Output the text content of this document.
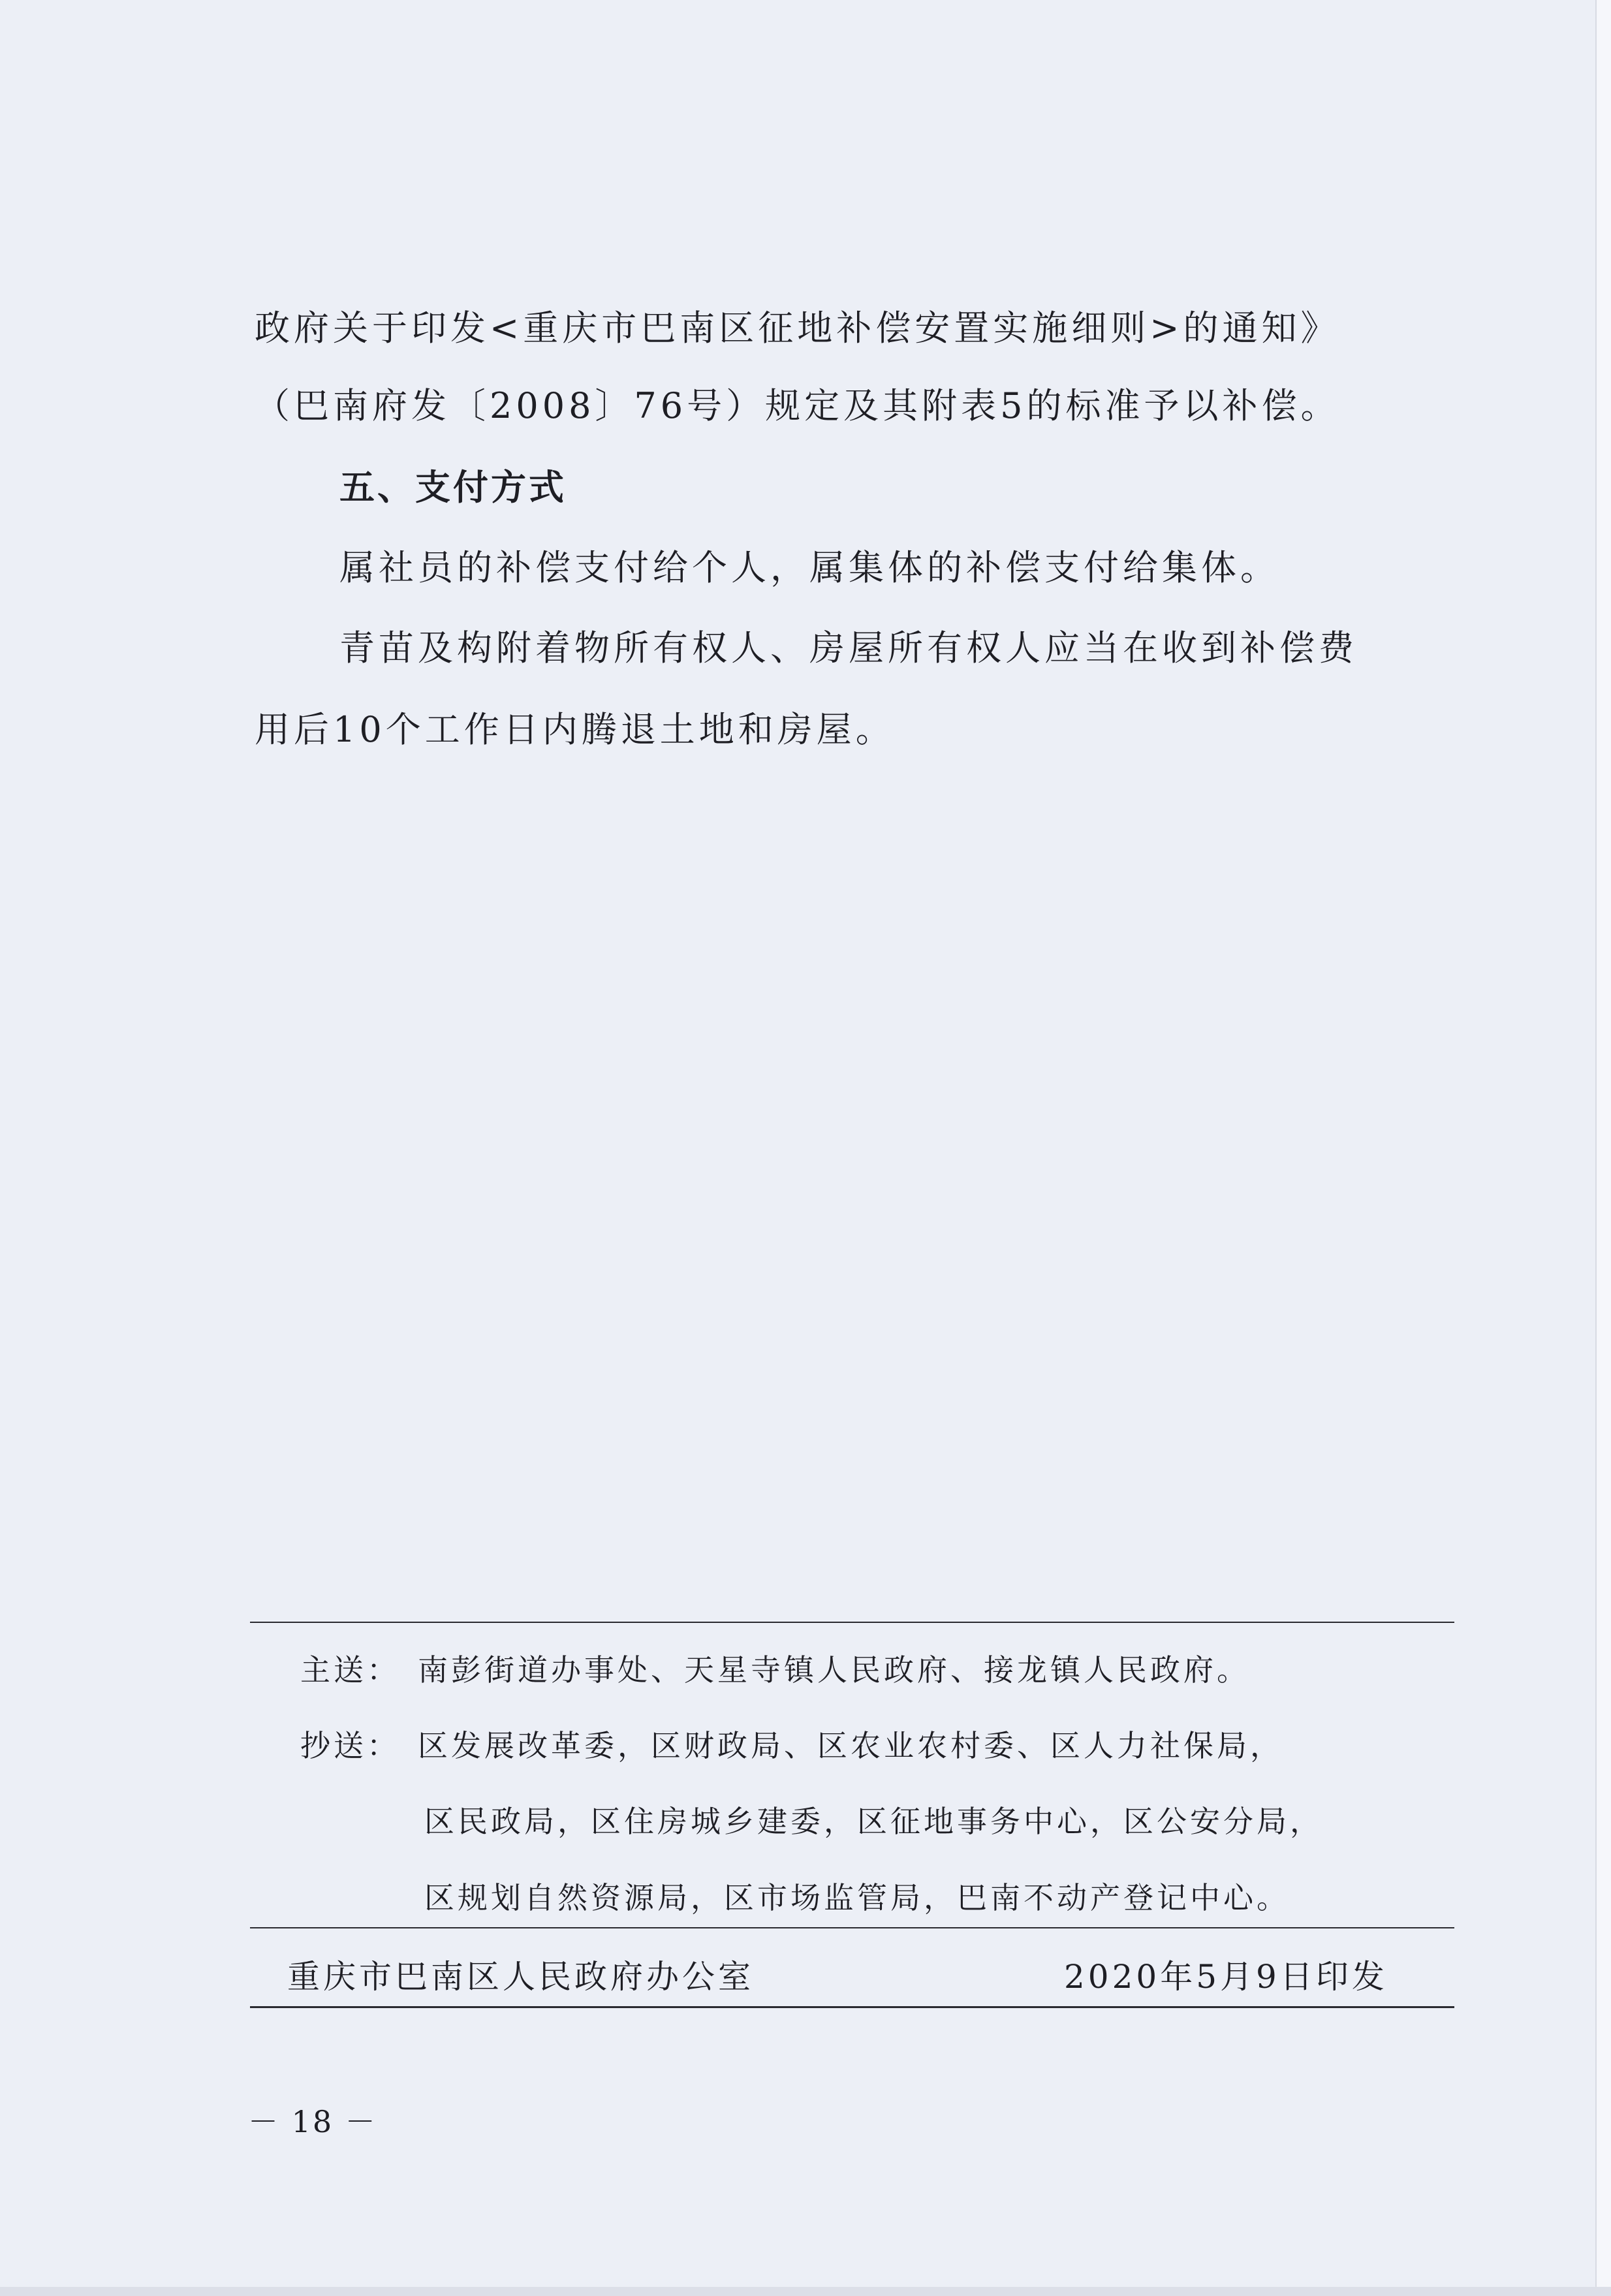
政府关于印发<重庆市巴南区征地补偿安置实施细则>的通知》
（巴南府发〔2008〕76号）规定及其附表5的标准予以补偿。
五、支付方式
属社员的补偿支付给个人，属集体的补偿支付给集体。
青苗及构附着物所有权人、房屋所有权人应当在收到补偿费
用后10个工作日内腾退土地和房屋。
主送： 南彭街道办事处、天星寺镇人民政府、接龙镇人民政府。
抄送： 区发展改革委，区财政局、区农业农村委、区人力社保局，
区民政局，区住房城乡建委，区征地事务中心，区公安分局，
区规划自然资源局，区市场监管局，巴南不动产登记中心。
重庆市巴南区人民政府办公室	2020年5月9日印发
－ 18 －
